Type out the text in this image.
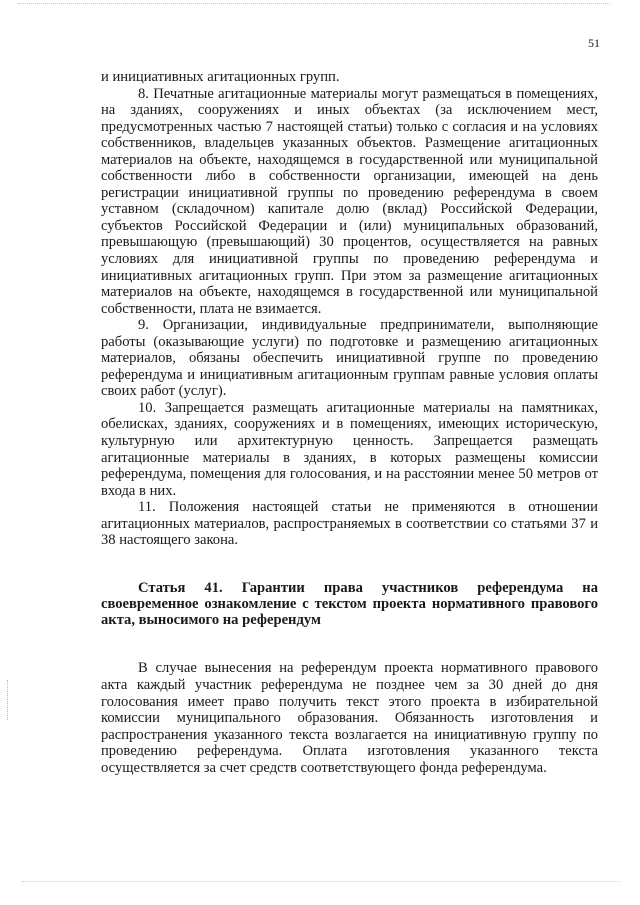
51

и инициативных агитационных групп.

8. Печатные агитационные материалы могут размещаться в помещениях, на зданиях, сооружениях и иных объектах (за исключением мест, предусмотренных частью 7 настоящей статьи) только с согласия и на условиях собственников, владельцев указанных объектов. Размещение агитационных материалов на объекте, находящемся в государственной или муниципальной собственности либо в собственности организации, имеющей на день регистрации инициативной группы по проведению референдума в своем уставном (складочном) капитале долю (вклад) Российской Федерации, субъектов Российской Федерации и (или) муниципальных образований, превышающую (превышающий) 30 процентов, осуществляется на равных условиях для инициативной группы по проведению референдума и инициативных агитационных групп. При этом за размещение агитационных материалов на объекте, находящемся в государственной или муниципальной собственности, плата не взимается.

9. Организации, индивидуальные предприниматели, выполняющие работы (оказывающие услуги) по подготовке и размещению агитационных материалов, обязаны обеспечить инициативной группе по проведению референдума и инициативным агитационным группам равные условия оплаты своих работ (услуг).

10. Запрещается размещать агитационные материалы на памятниках, обелисках, зданиях, сооружениях и в помещениях, имеющих историческую, культурную или архитектурную ценность. Запрещается размещать агитационные материалы в зданиях, в которых размещены комиссии референдума, помещения для голосования, и на расстоянии менее 50 метров от входа в них.

11. Положения настоящей статьи не применяются в отношении агитационных материалов, распространяемых в соответствии со статьями 37 и 38 настоящего закона.

Статья 41. Гарантии права участников референдума на своевременное ознакомление с текстом проекта нормативного правового акта, выносимого на референдум

В случае вынесения на референдум проекта нормативного правового акта каждый участник референдума не позднее чем за 30 дней до дня голосования имеет право получить текст этого проекта в избирательной комиссии муниципального образования. Обязанность изготовления и распространения указанного текста возлагается на инициативную группу по проведению референдума. Оплата изготовления указанного текста осуществляется за счет средств соответствующего фонда референдума.
